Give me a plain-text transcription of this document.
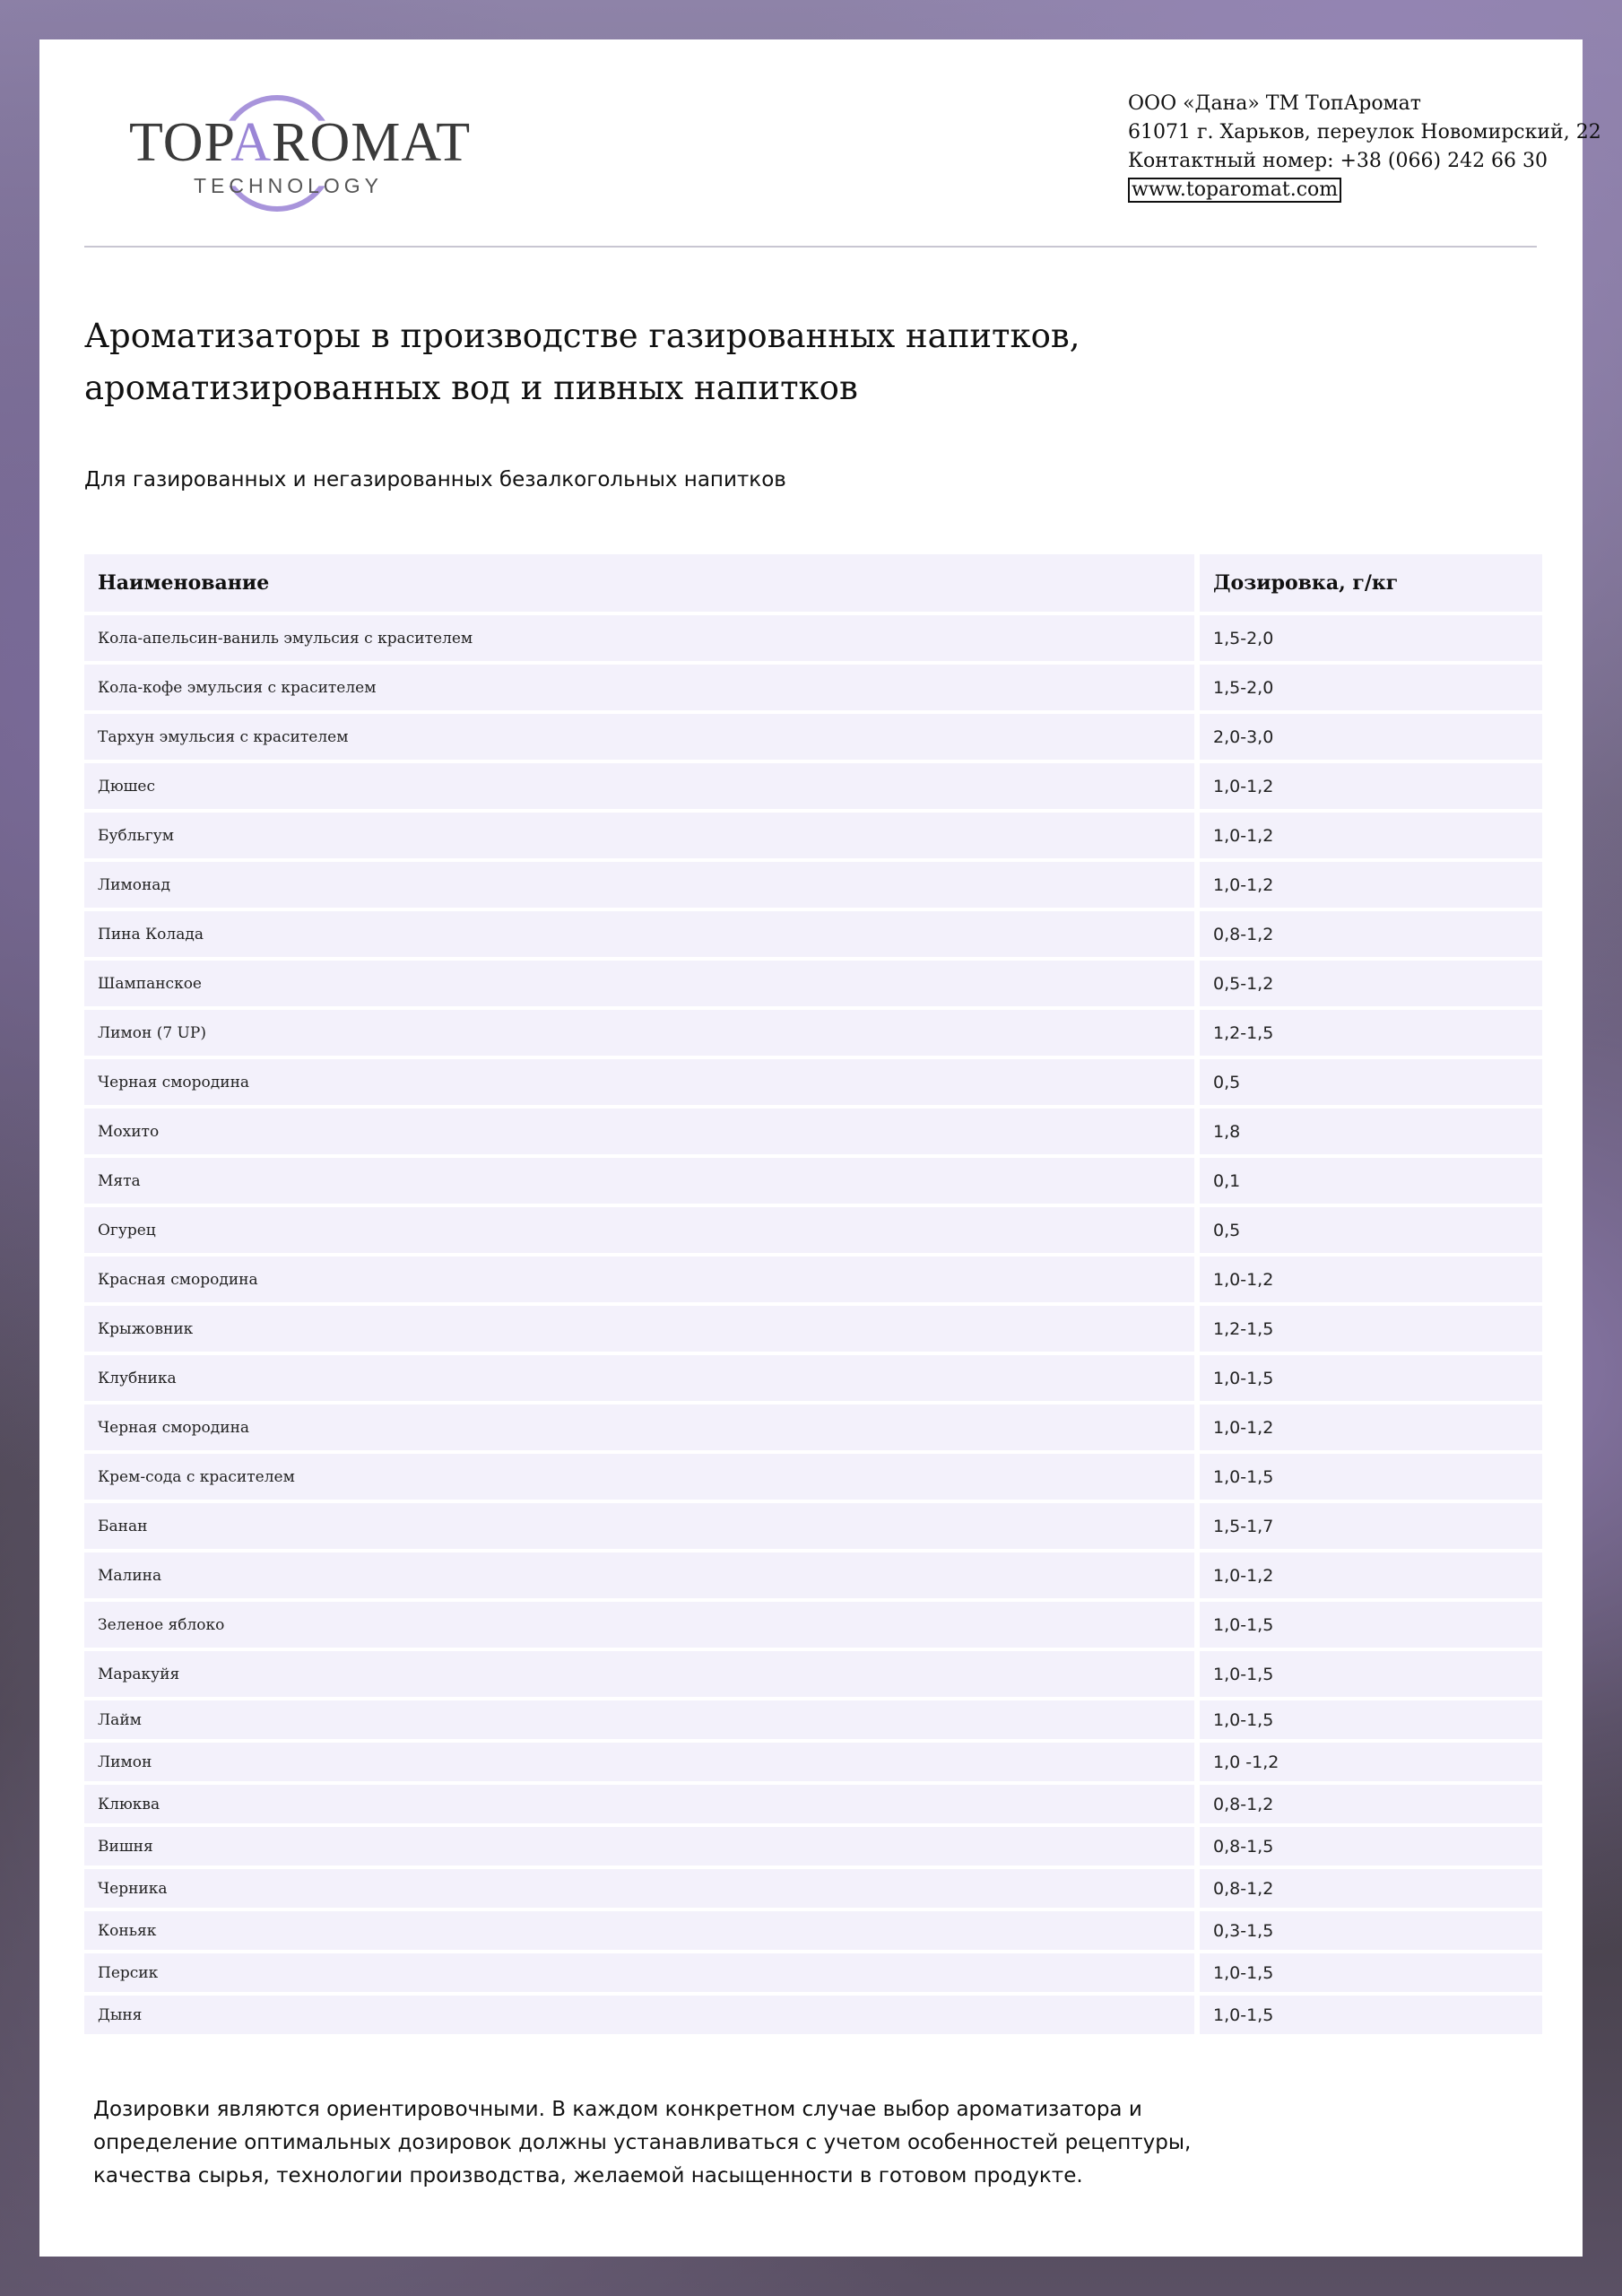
TOPAROMAT
TECHNOLOGY
ООО «Дана» ТМ ТопАромат
61071 г. Харьков, переулок Новомирский, 22
Контактный номер: +38 (066) 242 66 30
www.toparomat.com
Ароматизаторы в производстве газированных напитков,
ароматизированных вод и пивных напитков
Для газированных и негазированных безалкогольных напитков
Наименование	Дозировка, г/кг
Кола-апельсин-ваниль эмульсия с красителем	1,5-2,0
Кола-кофе эмульсия с красителем	1,5-2,0
Тархун эмульсия с красителем	2,0-3,0
Дюшес	1,0-1,2
Бубльгум	1,0-1,2
Лимонад	1,0-1,2
Пина Колада	0,8-1,2
Шампанское	0,5-1,2
Лимон (7 UP)	1,2-1,5
Черная смородина	0,5
Мохито	1,8
Мята	0,1
Огурец	0,5
Красная смородина	1,0-1,2
Крыжовник	1,2-1,5
Клубника	1,0-1,5
Черная смородина	1,0-1,2
Крем-сода с красителем	1,0-1,5
Банан	1,5-1,7
Малина	1,0-1,2
Зеленое яблоко	1,0-1,5
Маракуйя	1,0-1,5
Лайм	1,0-1,5
Лимон	1,0 -1,2
Клюква	0,8-1,2
Вишня	0,8-1,5
Черника	0,8-1,2
Коньяк	0,3-1,5
Персик	1,0-1,5
Дыня	1,0-1,5
Дозировки являются ориентировочными. В каждом конкретном случае выбор ароматизатора и
определение оптимальных дозировок должны устанавливаться с учетом особенностей рецептуры,
качества сырья, технологии производства, желаемой насыщенности в готовом продукте.
